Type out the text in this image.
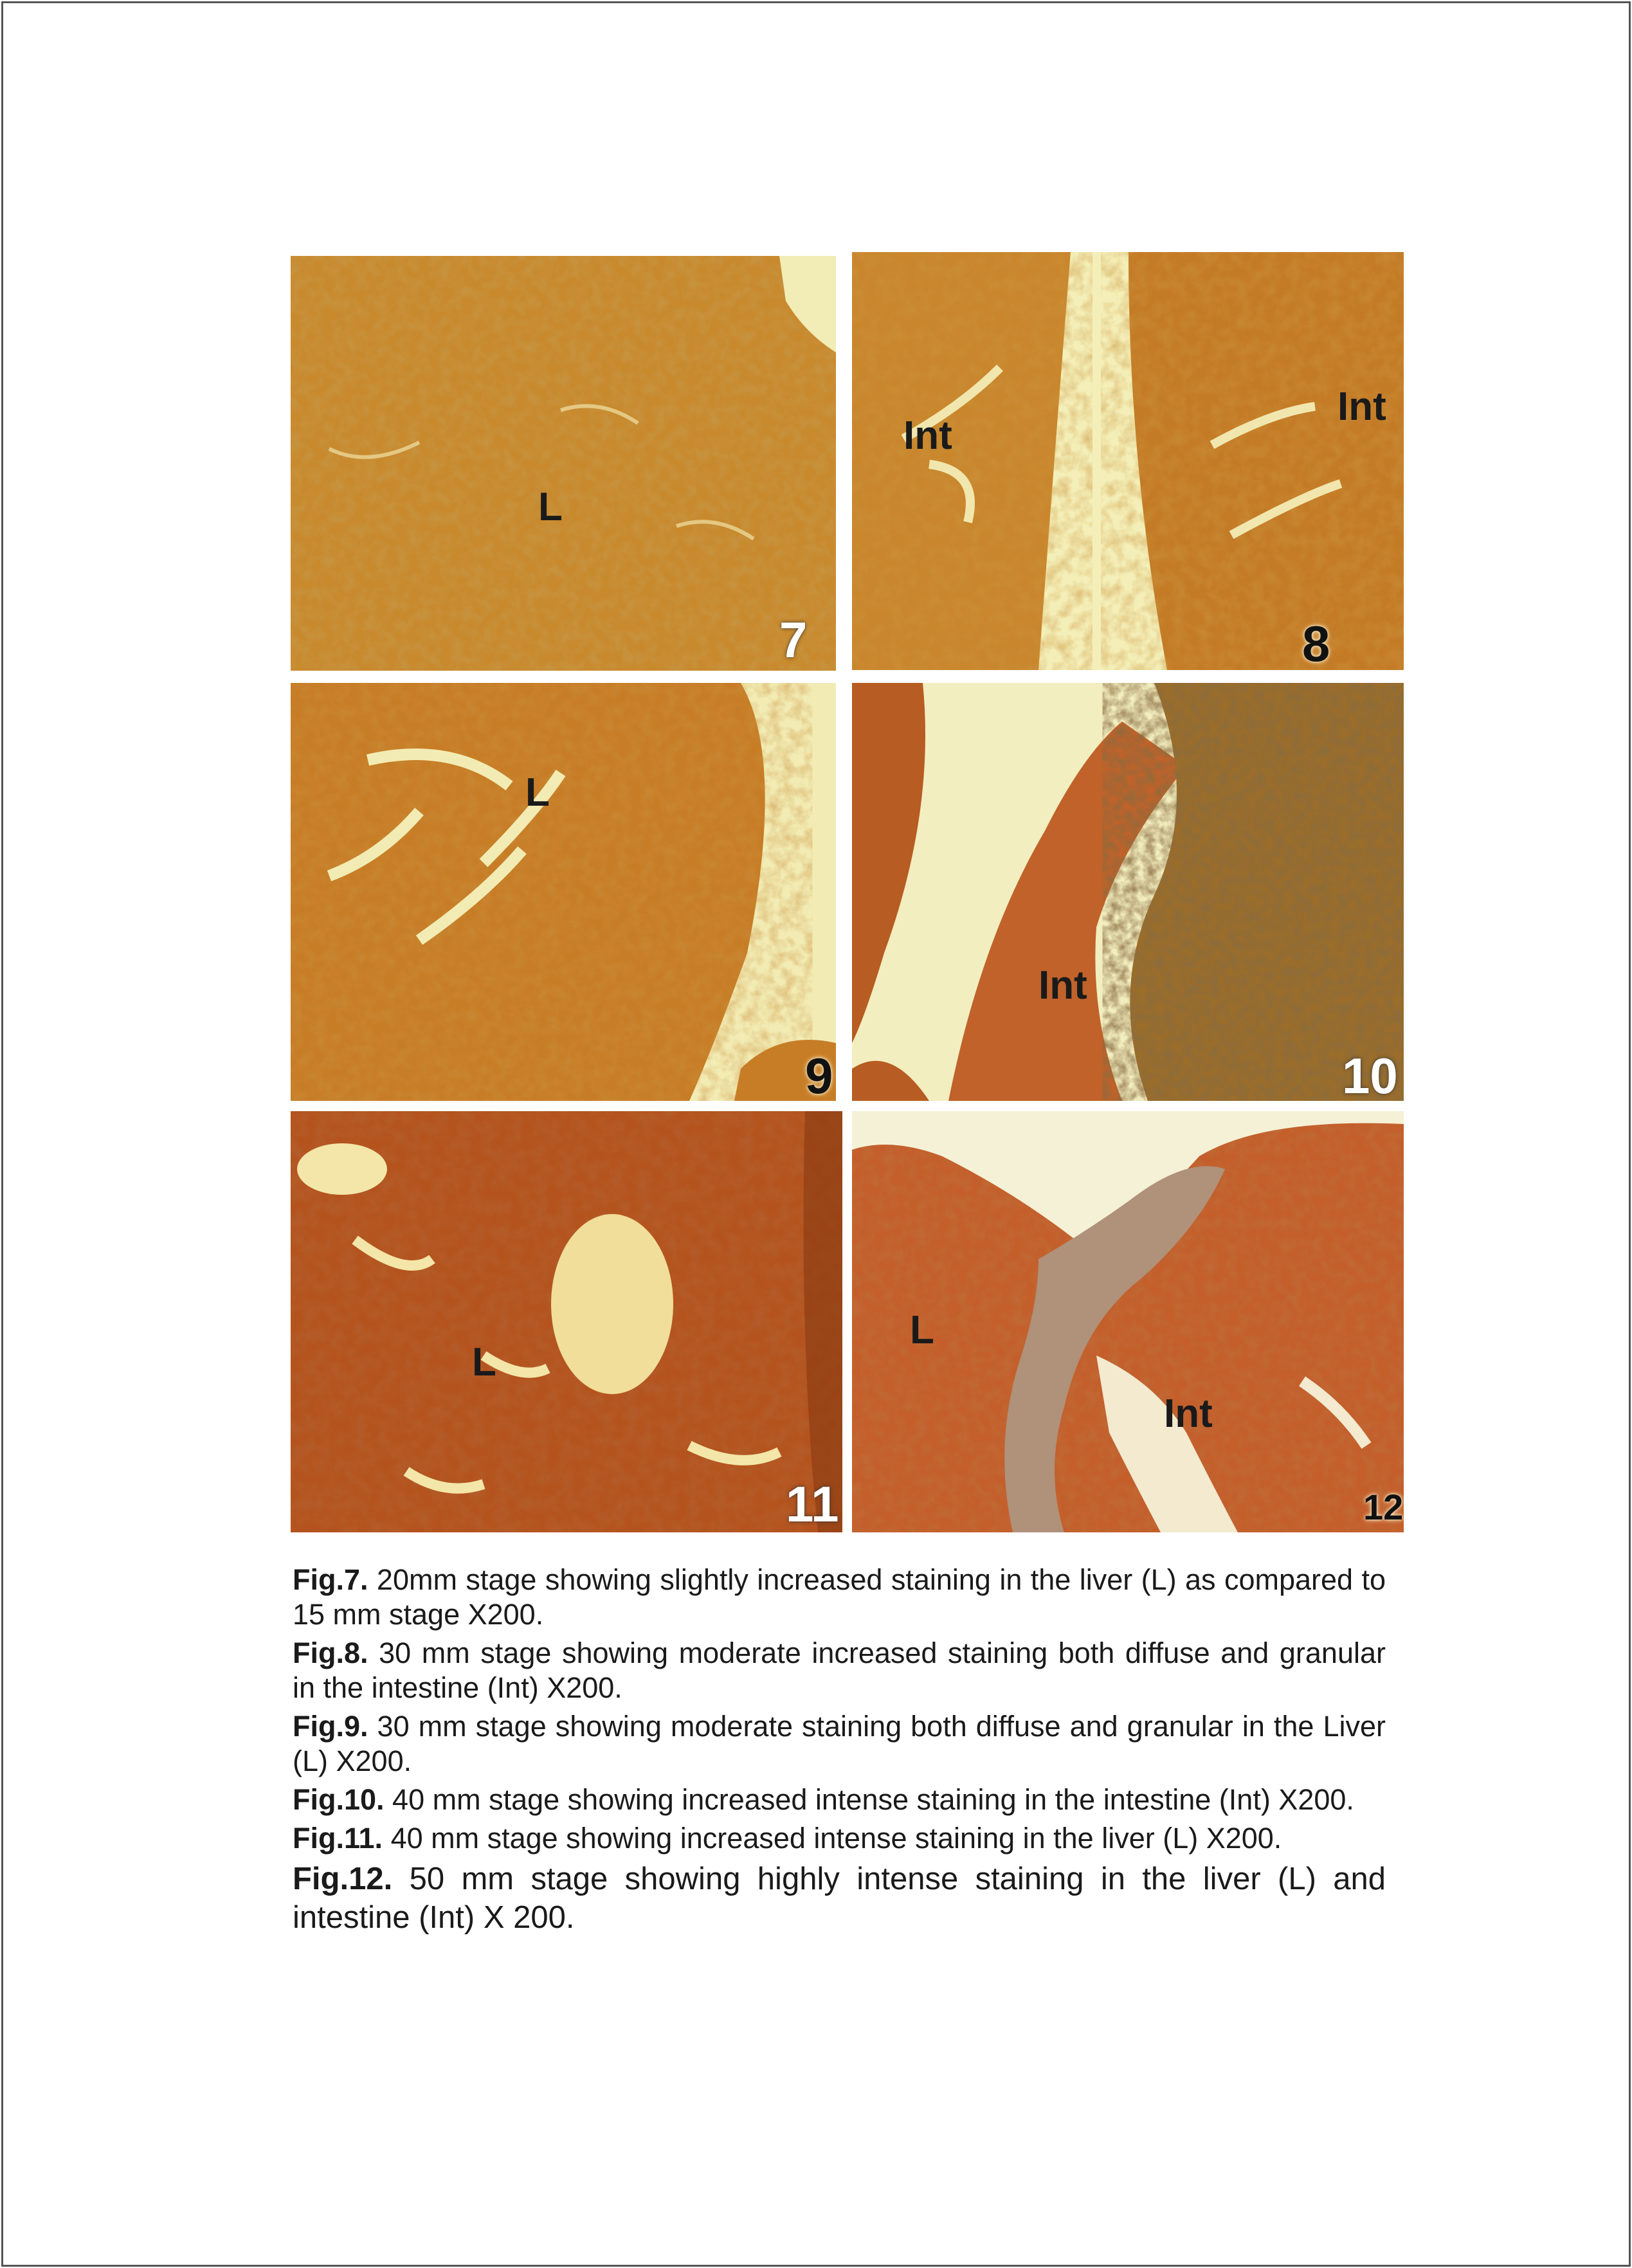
L
7
Int
Int
8
L
9
Int
10
L
11
L
Int
12

Fig.7. 20mm stage showing slightly increased staining in the liver (L) as compared to 15 mm stage X200.

Fig.8. 30 mm stage showing moderate increased staining both diffuse and granular in the intestine (Int) X200.

Fig.9. 30 mm stage showing moderate staining both diffuse and granular in the Liver (L) X200.

Fig.10. 40 mm stage showing increased intense staining in the intestine (Int) X200.

Fig.11. 40 mm stage showing increased intense staining in the liver (L) X200.

Fig.12. 50 mm stage showing highly intense staining in the liver (L) and intestine (Int) X 200.
